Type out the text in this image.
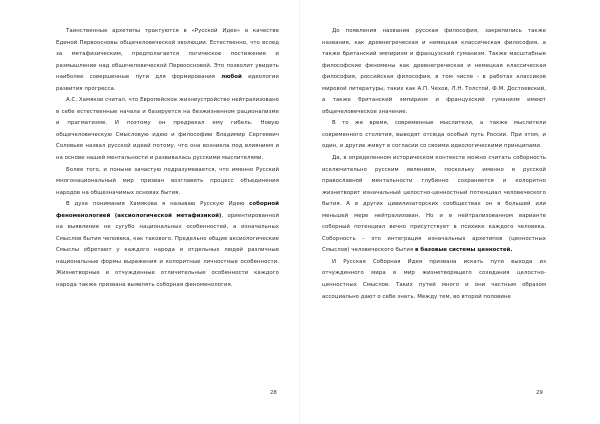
Таинственные архетипы трактуются в «Русской Идее» в качестве Единой Первоосновы общечеловеческой эволюции. Естественно, что вслед за метафизическим, предполагается логическое постижение и размышление над общечеловеческой Первоосновой. Это позволит увидеть наиболее совершенные пути для формирования любой идеологии развития прогресса.

А.С. Хамяков считал, что Европейское жизнеустройство нейтрализовано в себе естественные начала и базируется на безжизненном рационализме и прагматизме. И поэтому он предрекал ему гибель. Новую общечеловеческую Смысловую идею и философию Владимир Сергеевич Соловьев назвал русской идеей потому, что она возникла под влиянием и на основе нашей ментальности и развивалась русскими мыслителями.

Более того, и поныне зачастую подразумевается, что именно Русский многонациональный мир призван возглавить процесс объединения народов на общезначимых основах бытия.

В духе понимания Хамякова я называю Русскую Идею соборной феноменологией (аксиологической метафизикой), ориентированной на выявление не сугубо национальных особенностей, а изначальных Смыслов бытия человека, как такового. Предельно общие аксиологические Смыслы обретают у каждого народа и отдельных людей различные национальные формы выражения и колоритные личностные особенности. Жизнетворные и отчужденные отличительные особенности каждого народа также призвана выявлять соборная феноменология.

28

До появления названия русская философия, закрепились также названия, как древнегреческая и немецкая классическая философия, а также британский эмпиризм и французский гуманизм. Также масштабные философские феномены как древнегреческая и немецкая классическая философия, российская философия, в том числе - в работах классиков мировой литературы, таких как А.П. Чехов, Л.Н. Толстой, Ф.М. Достоевский, а также британский эмпиризм и французский гуманизм имеют общечеловеческое значение.

В то же время, современные мыслители, а также мыслители современного столетия, выводят отсюда особый путь России. При этом, и один, и другие живут в согласии со своими идеологическими принципами.

Да, в определенном историческом контексте можно считать соборность исключительно русским явлением, поскольку именно в русской православной ментальности глубинно сохраняется и колоритно жизнетворит изначальный целостно-ценностный потенциал человеческого бытия. А в других цивилизаторских сообществах он в большей или меньшей мере нейтрализован. Но и в нейтрализованном варианте соборный потенциал вечно присутствует в психике каждого человека. Соборность – это интеграция изначальных архетипов (ценностных Смыслов) человеческого бытия в базовые системы ценностей.

И Русская Соборная Идея призвана искать пути выхода из отчужденного мира в мир жизнетворящего созидания целостно-ценностных Смыслов. Таких путей много и они частным образом ассоциально дают о себе знать. Между тем, во второй половине

29
